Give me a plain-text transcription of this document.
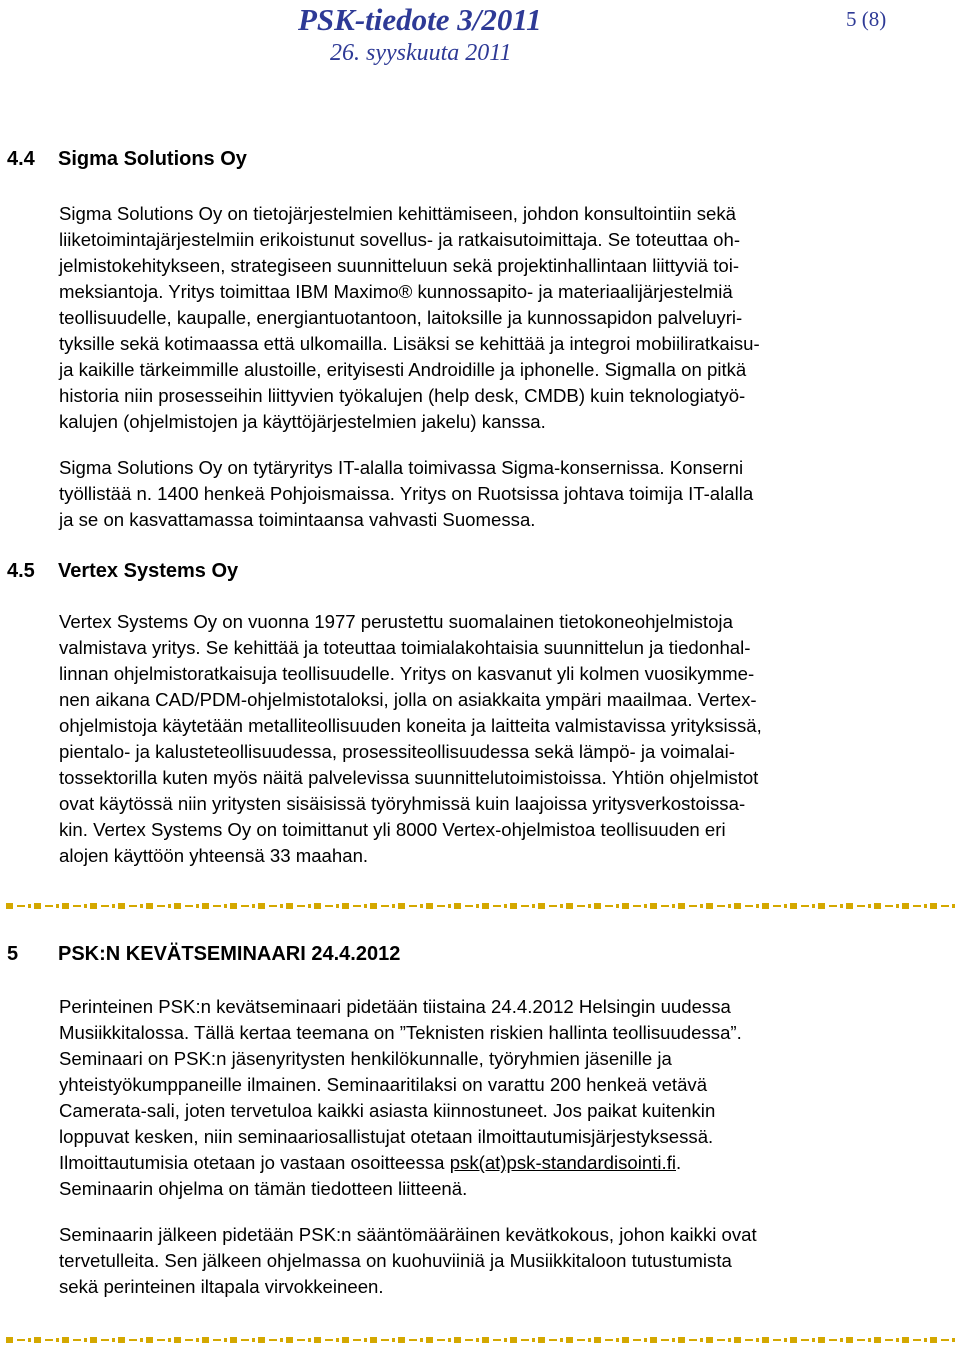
PSK-tiedote 3/2011
26. syyskuuta 2011
5 (8)
4.4 Sigma Solutions Oy
Sigma Solutions Oy on tietojärjestelmien kehittämiseen, johdon konsultointiin sekä
liiketoimintajärjestelmiin erikoistunut sovellus- ja ratkaisutoimittaja. Se toteuttaa oh-
jelmistokehitykseen, strategiseen suunnitteluun sekä projektinhallintaan liittyviä toi-
meksiantoja. Yritys toimittaa IBM Maximo® kunnossapito- ja materiaalijärjestelmiä
teollisuudelle, kaupalle, energiantuotantoon, laitoksille ja kunnossapidon palveluyri-
tyksille sekä kotimaassa että ulkomailla. Lisäksi se kehittää ja integroi mobiiliratkaisu-
ja kaikille tärkeimmille alustoille, erityisesti Androidille ja iphonelle. Sigmalla on pitkä
historia niin prosesseihin liittyvien työkalujen (help desk, CMDB) kuin teknologiatyö-
kalujen (ohjelmistojen ja käyttöjärjestelmien jakelu) kanssa.
Sigma Solutions Oy on tytäryritys IT-alalla toimivassa Sigma-konsernissa. Konserni
työllistää n. 1400 henkeä Pohjoismaissa. Yritys on Ruotsissa johtava toimija IT-alalla
ja se on kasvattamassa toimintaansa vahvasti Suomessa.
4.5 Vertex Systems Oy
Vertex Systems Oy on vuonna 1977 perustettu suomalainen tietokoneohjelmistoja
valmistava yritys. Se kehittää ja toteuttaa toimialakohtaisia suunnittelun ja tiedonhal-
linnan ohjelmistoratkaisuja teollisuudelle. Yritys on kasvanut yli kolmen vuosikymme-
nen aikana CAD/PDM-ohjelmistotaloksi, jolla on asiakkaita ympäri maailmaa. Vertex-
ohjelmistoja käytetään metalliteollisuuden koneita ja laitteita valmistavissa yrityksissä,
pientalo- ja kalusteteollisuudessa, prosessiteollisuudessa sekä lämpö- ja voimalai-
tossektorilla kuten myös näitä palvelevissa suunnittelutoimistoissa. Yhtiön ohjelmistot
ovat käytössä niin yritysten sisäisissä työryhmissä kuin laajoissa yritysverkostoissa-
kin. Vertex Systems Oy on toimittanut yli 8000 Vertex-ohjelmistoa teollisuuden eri
alojen käyttöön yhteensä 33 maahan.
5 PSK:N KEVÄTSEMINAARI 24.4.2012
Perinteinen PSK:n kevätseminaari pidetään tiistaina 24.4.2012 Helsingin uudessa
Musiikkitalossa. Tällä kertaa teemana on ”Teknisten riskien hallinta teollisuudessa”.
Seminaari on PSK:n jäsenyritysten henkilökunnalle, työryhmien jäsenille ja
yhteistyökumppaneille ilmainen. Seminaaritilaksi on varattu 200 henkeä vetävä
Camerata-sali, joten tervetuloa kaikki asiasta kiinnostuneet. Jos paikat kuitenkin
loppuvat kesken, niin seminaariosallistujat otetaan ilmoittautumisjärjestyksessä.
Ilmoittautumisia otetaan jo vastaan osoitteessa psk(at)psk-standardisointi.fi.
Seminaarin ohjelma on tämän tiedotteen liitteenä.
Seminaarin jälkeen pidetään PSK:n sääntömääräinen kevätkokous, johon kaikki ovat
tervetulleita. Sen jälkeen ohjelmassa on kuohuviiniä ja Musiikkitaloon tutustumista
sekä perinteinen iltapala virvokkeineen.
